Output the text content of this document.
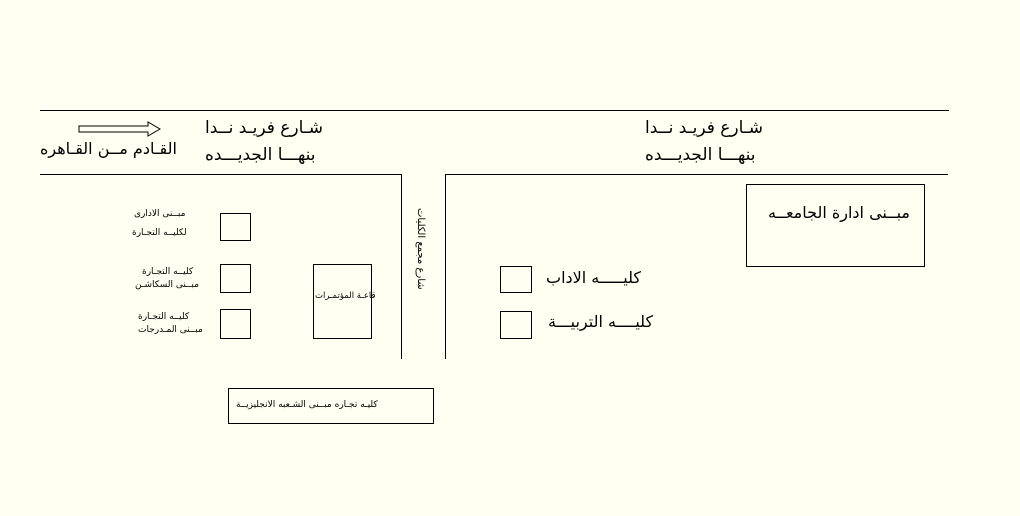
شـارع فريـد نــدا
بنهـــا الجديـــده
شـارع فريـد نــدا
بنهـــا الجديـــده
شارع مجمع الكليات
القـادم مــن القـاهره
مبــنى الادارى
لكليــه التجـارة
كليــه التجـارة
مبــنى السكاشـن
كليــه التجـارة
مبــنى المـدرجات
قاعـة المؤتمـرات
كليـه تجـاره مبــنى الشـعبه الانجليزيــة
مبــنى ادارة الجامعــه
كليـــــه الاداب
كليــــه التربيـــة
